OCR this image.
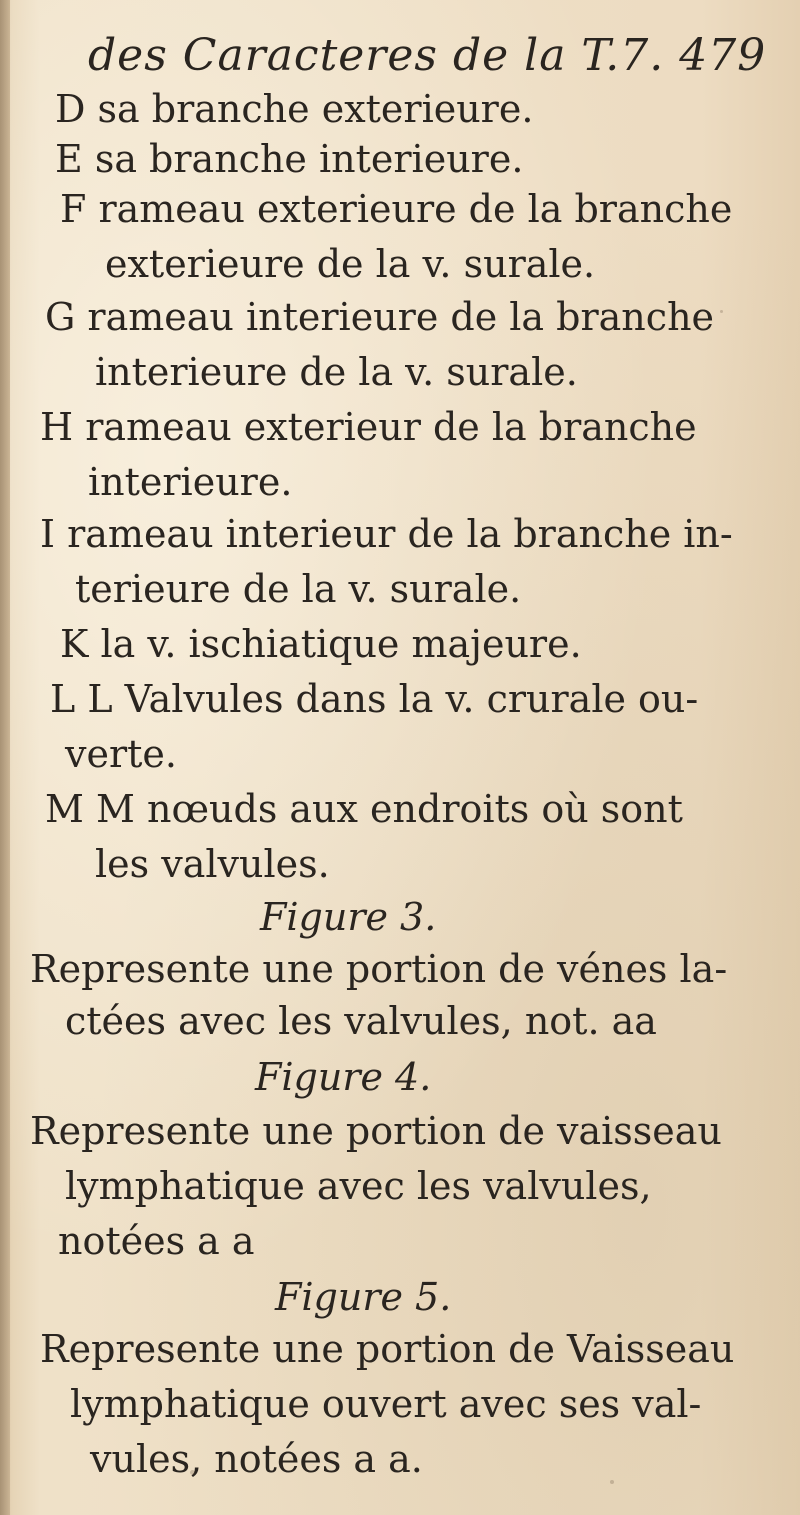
des Caracteres de la T.7. 479
D sa branche exterieure.
E sa branche interieure.
F rameau exterieure de la branche
exterieure de la v. surale.
G rameau interieure de la branche
interieure de la v. surale.
H rameau exterieur de la branche
interieure.
I rameau interieur de la branche in-
terieure de la v. surale.
K la v. ischiatique majeure.
L L Valvules dans la v. crurale ou-
verte.
M M nœuds aux endroits où sont
les valvules.
Figure 3.
Represente une portion de vénes la-
ctées avec les valvules, not. aa
Figure 4.
Represente une portion de vaisseau
lymphatique avec les valvules,
notées a a
Figure 5.
Represente une portion de Vaisseau
lymphatique ouvert avec ses val-
vules, notées a a.
